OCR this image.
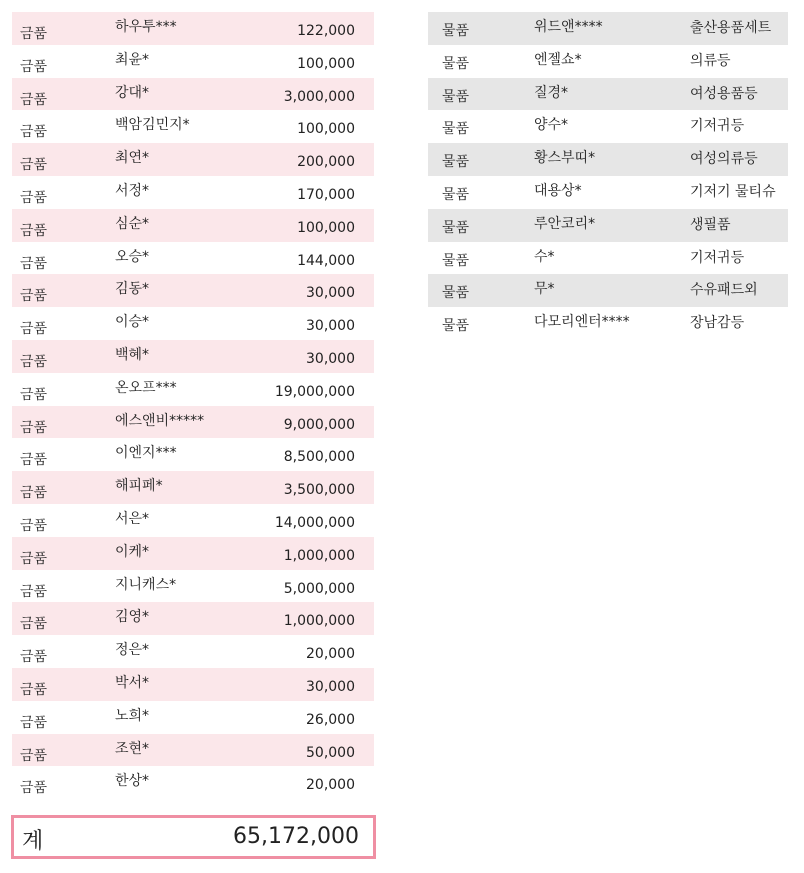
금품	하우투***	122,000
금품	최윤*	100,000
금품	강대*	3,000,000
금품	백암김민지*	100,000
금품	최연*	200,000
금품	서정*	170,000
금품	심순*	100,000
금품	오승*	144,000
금품	김동*	30,000
금품	이승*	30,000
금품	백혜*	30,000
금품	온오프***	19,000,000
금품	에스앤비*****	9,000,000
금품	이엔지***	8,500,000
금품	해피페*	3,500,000
금품	서은*	14,000,000
금품	이케*	1,000,000
금품	지니캐스*	5,000,000
금품	김영*	1,000,000
금품	정은*	20,000
금품	박서*	30,000
금품	노희*	26,000
금품	조현*	50,000
금품	한상*	20,000
물품	위드앤****	출산용품세트
물품	엔젤쇼*	의류등
물품	질경*	여성용품등
물품	양수*	기저귀등
물품	황스부띠*	여성의류등
물품	대용상*	기저기 물티슈
물품	루안코리*	생필품
물품	수*	기저귀등
물품	무*	수유패드외
물품	다모리엔터****	장남감등
계	65,172,000
